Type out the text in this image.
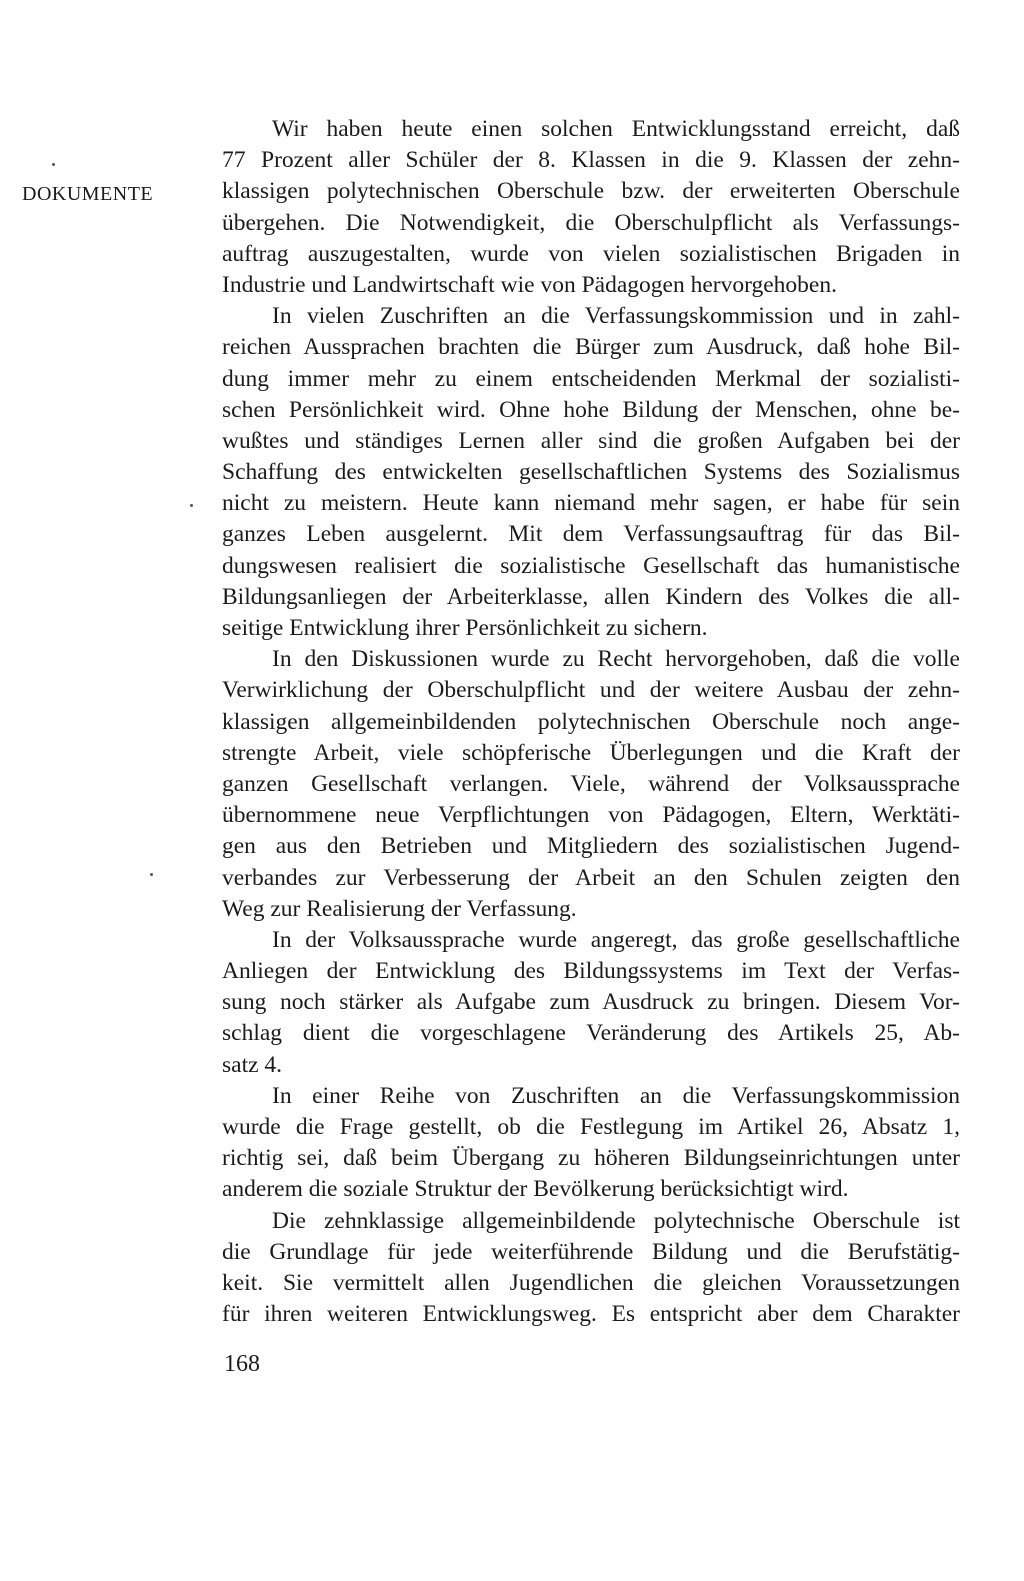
DOKUMENTE
Wir haben heute einen solchen Entwicklungsstand erreicht, daß
77 Prozent aller Schüler der 8. Klassen in die 9. Klassen der zehn-
klassigen polytechnischen Oberschule bzw. der erweiterten Oberschule
übergehen. Die Notwendigkeit, die Oberschulpflicht als Verfassungs-
auftrag auszugestalten, wurde von vielen sozialistischen Brigaden in
Industrie und Landwirtschaft wie von Pädagogen hervorgehoben.
In vielen Zuschriften an die Verfassungskommission und in zahl-
reichen Aussprachen brachten die Bürger zum Ausdruck, daß hohe Bil-
dung immer mehr zu einem entscheidenden Merkmal der sozialisti-
schen Persönlichkeit wird. Ohne hohe Bildung der Menschen, ohne be-
wußtes und ständiges Lernen aller sind die großen Aufgaben bei der
Schaffung des entwickelten gesellschaftlichen Systems des Sozialismus
nicht zu meistern. Heute kann niemand mehr sagen, er habe für sein
ganzes Leben ausgelernt. Mit dem Verfassungsauftrag für das Bil-
dungswesen realisiert die sozialistische Gesellschaft das humanistische
Bildungsanliegen der Arbeiterklasse, allen Kindern des Volkes die all-
seitige Entwicklung ihrer Persönlichkeit zu sichern.
In den Diskussionen wurde zu Recht hervorgehoben, daß die volle
Verwirklichung der Oberschulpflicht und der weitere Ausbau der zehn-
klassigen allgemeinbildenden polytechnischen Oberschule noch ange-
strengte Arbeit, viele schöpferische Überlegungen und die Kraft der
ganzen Gesellschaft verlangen. Viele, während der Volksaussprache
übernommene neue Verpflichtungen von Pädagogen, Eltern, Werktäti-
gen aus den Betrieben und Mitgliedern des sozialistischen Jugend-
verbandes zur Verbesserung der Arbeit an den Schulen zeigten den
Weg zur Realisierung der Verfassung.
In der Volksaussprache wurde angeregt, das große gesellschaftliche
Anliegen der Entwicklung des Bildungssystems im Text der Verfas-
sung noch stärker als Aufgabe zum Ausdruck zu bringen. Diesem Vor-
schlag dient die vorgeschlagene Veränderung des Artikels 25, Ab-
satz 4.
In einer Reihe von Zuschriften an die Verfassungskommission
wurde die Frage gestellt, ob die Festlegung im Artikel 26, Absatz 1,
richtig sei, daß beim Übergang zu höheren Bildungseinrichtungen unter
anderem die soziale Struktur der Bevölkerung berücksichtigt wird.
Die zehnklassige allgemeinbildende polytechnische Oberschule ist
die Grundlage für jede weiterführende Bildung und die Berufstätig-
keit. Sie vermittelt allen Jugendlichen die gleichen Voraussetzungen
für ihren weiteren Entwicklungsweg. Es entspricht aber dem Charakter
168
